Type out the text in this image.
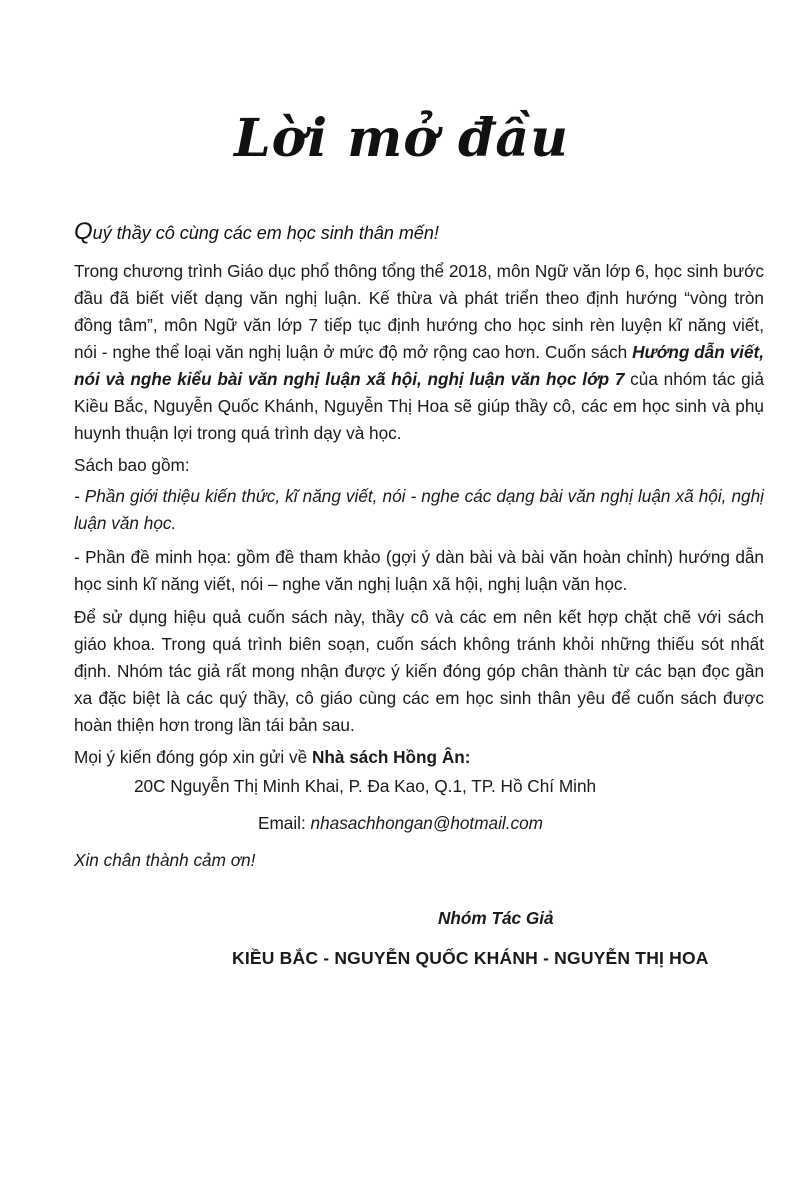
Lời mở đầu
Quý thầy cô cùng các em học sinh thân mến!
Trong chương trình Giáo dục phổ thông tổng thể 2018, môn Ngữ văn lớp 6, học sinh bước đầu đã biết viết dạng văn nghị luận. Kế thừa và phát triển theo định hướng “vòng tròn đồng tâm”, môn Ngữ văn lớp 7 tiếp tục định hướng cho học sinh rèn luyện kĩ năng viết, nói - nghe thể loại văn nghị luận ở mức độ mở rộng cao hơn. Cuốn sách Hướng dẫn viết, nói và nghe kiểu bài văn nghị luận xã hội, nghị luận văn học lớp 7 của nhóm tác giả Kiều Bắc, Nguyễn Quốc Khánh, Nguyễn Thị Hoa sẽ giúp thầy cô, các em học sinh và phụ huynh thuận lợi trong quá trình dạy và học.
Sách bao gồm:
- Phần giới thiệu kiến thức, kĩ năng viết, nói - nghe các dạng bài văn nghị luận xã hội, nghị luận văn học.
- Phần đề minh họa: gồm đề tham khảo (gợi ý dàn bài và bài văn hoàn chỉnh) hướng dẫn học sinh kĩ năng viết, nói – nghe văn nghị luận xã hội, nghị luận văn học.
Để sử dụng hiệu quả cuốn sách này, thầy cô và các em nên kết hợp chặt chẽ với sách giáo khoa. Trong quá trình biên soạn, cuốn sách không tránh khỏi những thiếu sót nhất định. Nhóm tác giả rất mong nhận được ý kiến đóng góp chân thành từ các bạn đọc gần xa đặc biệt là các quý thầy, cô giáo cùng các em học sinh thân yêu để cuốn sách được hoàn thiện hơn trong lần tái bản sau.
Mọi ý kiến đóng góp xin gửi về Nhà sách Hồng Ân:
20C Nguyễn Thị Minh Khai, P. Đa Kao, Q.1, TP. Hồ Chí Minh
Email: nhasachhongan@hotmail.com
Xin chân thành cảm ơn!
Nhóm Tác Giả
KIỀU BẮC - NGUYỄN QUỐC KHÁNH - NGUYỄN THỊ HOA
